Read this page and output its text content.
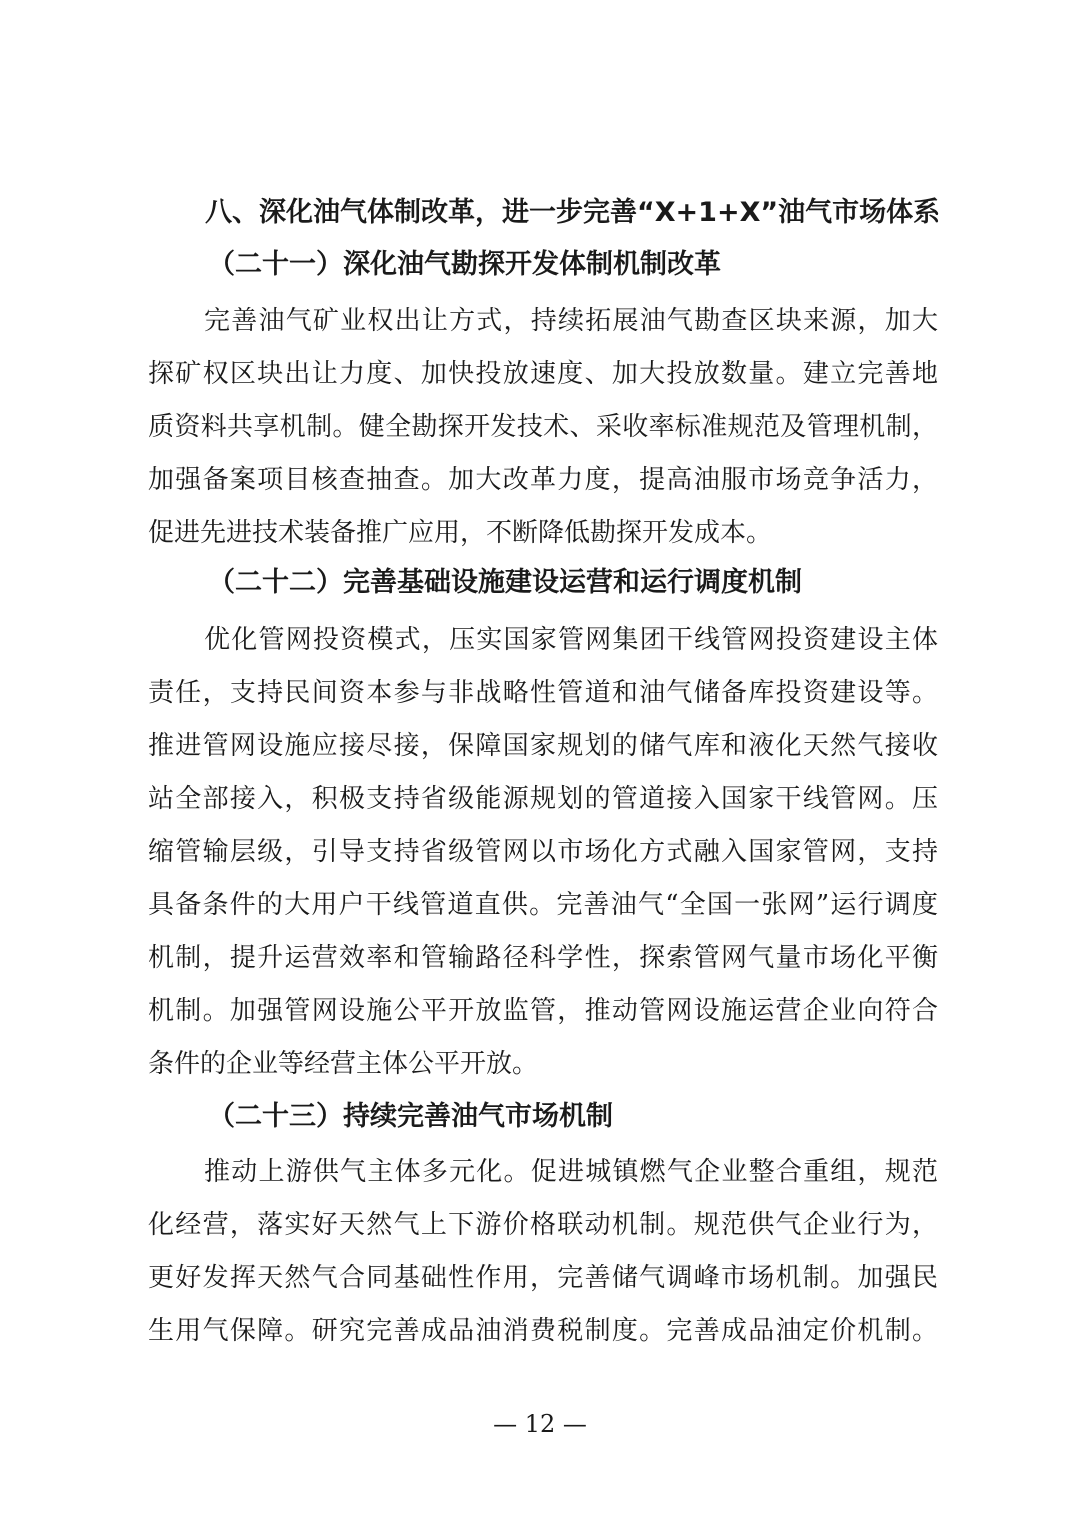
八、深化油气体制改革，进一步完善“X+1+X”油气市场体系
（二十一）深化油气勘探开发体制机制改革
完善油气矿业权出让方式，持续拓展油气勘查区块来源，加大
探矿权区块出让力度、加快投放速度、加大投放数量。建立完善地
质资料共享机制。健全勘探开发技术、采收率标准规范及管理机制，
加强备案项目核查抽查。加大改革力度，提高油服市场竞争活力，
促进先进技术装备推广应用，不断降低勘探开发成本。
（二十二）完善基础设施建设运营和运行调度机制
优化管网投资模式，压实国家管网集团干线管网投资建设主体
责任，支持民间资本参与非战略性管道和油气储备库投资建设等。
推进管网设施应接尽接，保障国家规划的储气库和液化天然气接收
站全部接入，积极支持省级能源规划的管道接入国家干线管网。压
缩管输层级，引导支持省级管网以市场化方式融入国家管网，支持
具备条件的大用户干线管道直供。完善油气“全国一张网”运行调度
机制，提升运营效率和管输路径科学性，探索管网气量市场化平衡
机制。加强管网设施公平开放监管，推动管网设施运营企业向符合
条件的企业等经营主体公平开放。
（二十三）持续完善油气市场机制
推动上游供气主体多元化。促进城镇燃气企业整合重组，规范
化经营，落实好天然气上下游价格联动机制。规范供气企业行为，
更好发挥天然气合同基础性作用，完善储气调峰市场机制。加强民
生用气保障。研究完善成品油消费税制度。完善成品油定价机制。
— 12 —
